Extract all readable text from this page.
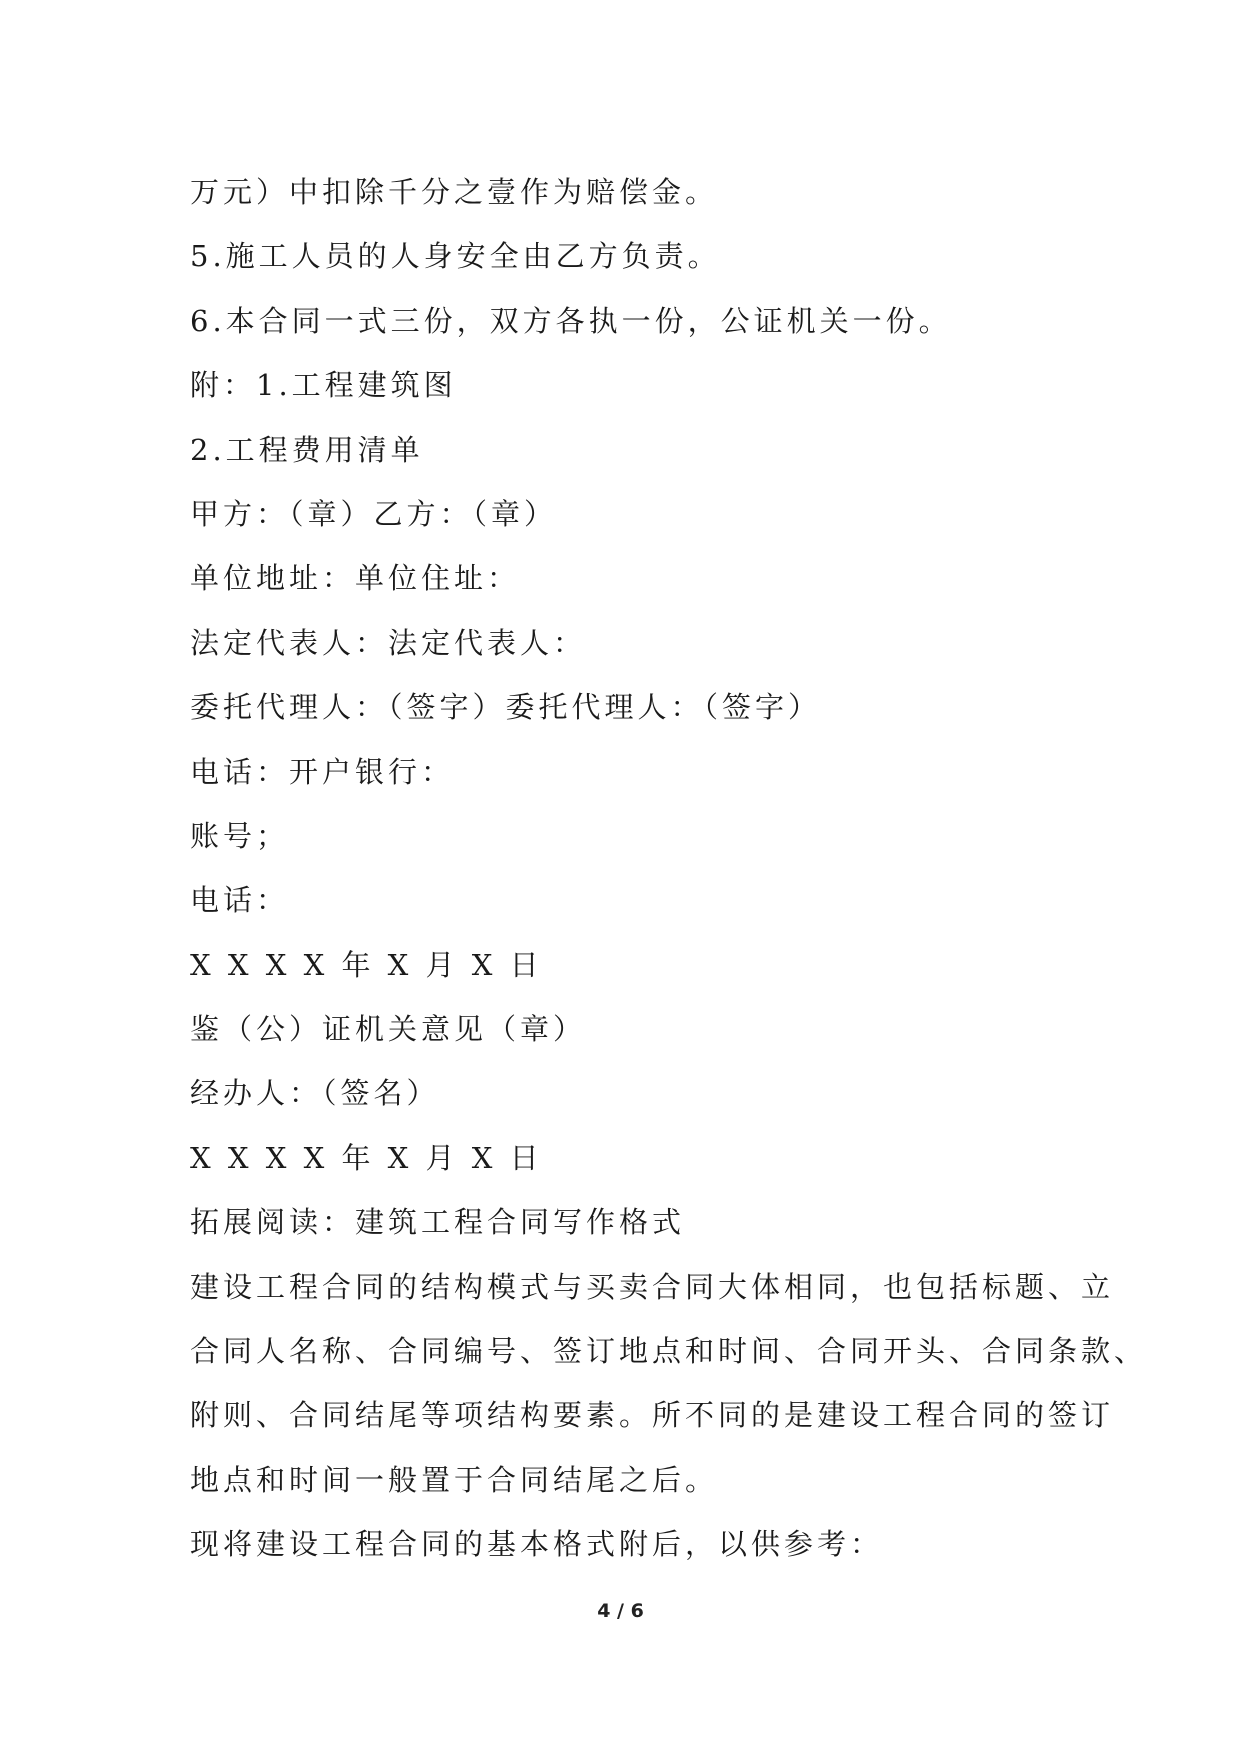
万元）中扣除千分之壹作为赔偿金。
5.施工人员的人身安全由乙方负责。
6.本合同一式三份，双方各执一份，公证机关一份。
附：1.工程建筑图
2.工程费用清单
甲方：（章）乙方：（章）
单位地址：单位住址：
法定代表人：法定代表人：
委托代理人：（签字）委托代理人：（签字）
电话：开户银行：
账号；
电话：
X X X X 年 X 月 X 日
鉴（公）证机关意见（章）
经办人：（签名）
X X X X 年 X 月 X 日
拓展阅读：建筑工程合同写作格式
建设工程合同的结构模式与买卖合同大体相同，也包括标题、立
合同人名称、合同编号、签订地点和时间、合同开头、合同条款、
附则、合同结尾等项结构要素。所不同的是建设工程合同的签订
地点和时间一般置于合同结尾之后。
现将建设工程合同的基本格式附后，以供参考：
4 / 6
